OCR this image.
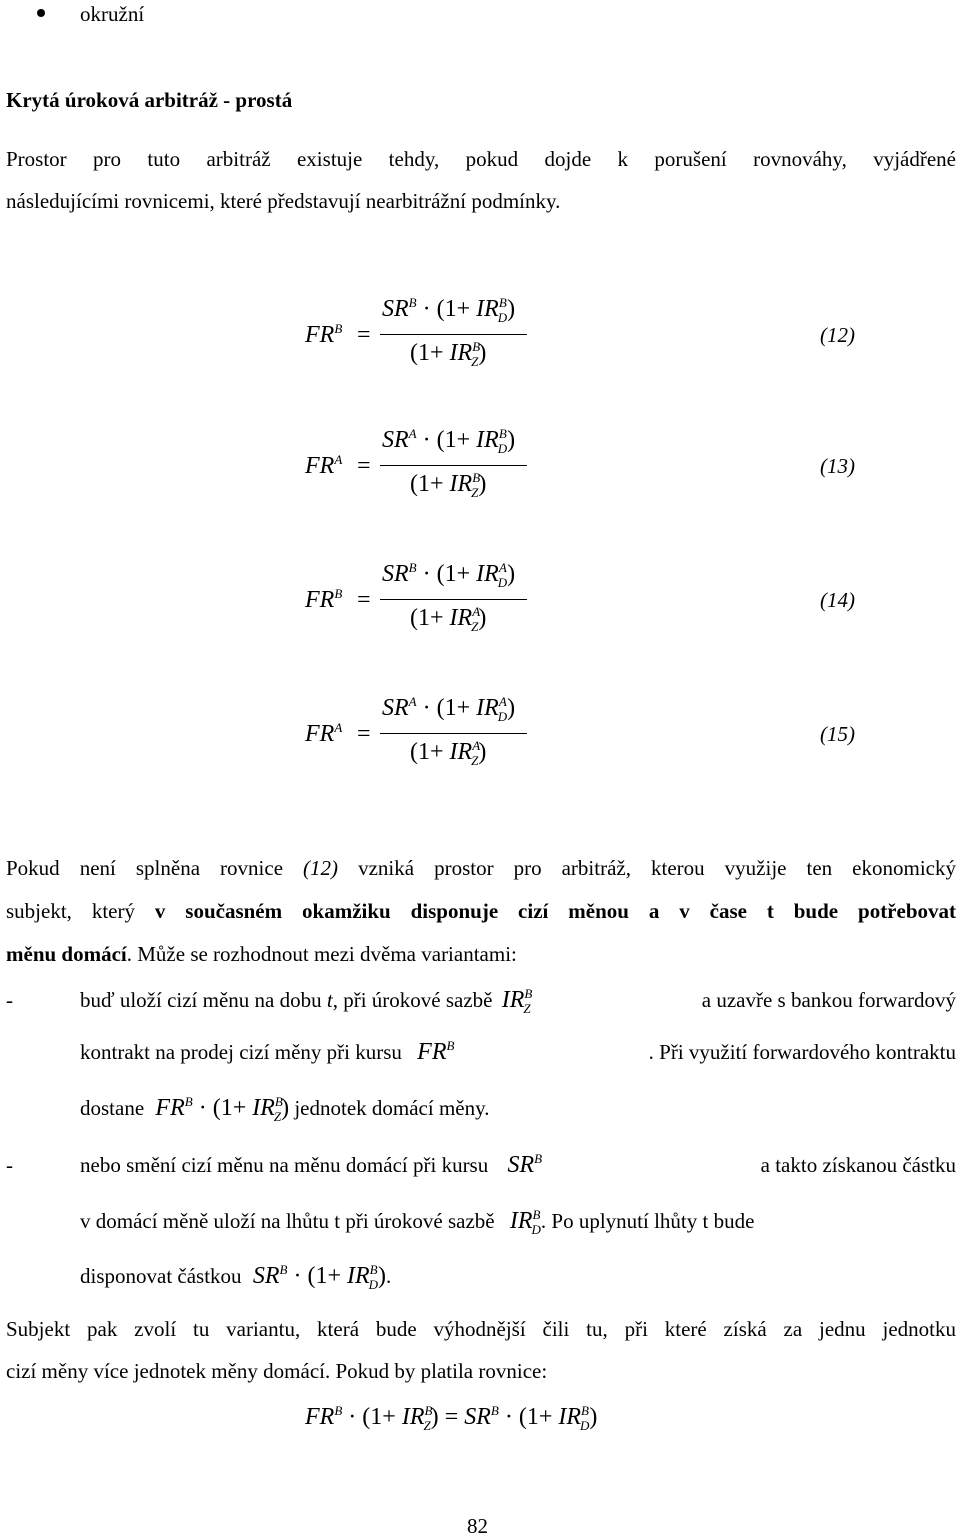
okružní
Krytá úroková arbitráž - prostá
Prostor pro tuto arbitráž existuje tehdy, pokud dojde k porušení rovnováhy, vyjádřené
následujícími rovnicemi, které představují nearbitrážní podmínky.
$FR^B$ =
$SR^B \cdot (1+ IR^B_D)$
$(1+ IR^B_Z)$
(12)
$FR^A$ =
$SR^A \cdot (1+ IR^B_D)$
$(1+ IR^B_Z)$
(13)
$FR^B$ =
$SR^B \cdot (1+ IR^A_D)$
$(1+ IR^A_Z)$
(14)
$FR^A$ =
$SR^A \cdot (1+ IR^A_D)$
$(1+ IR^A_Z)$
(15)
Pokud není splněna rovnice (12) vzniká prostor pro arbitráž, kterou využije ten ekonomický
subjekt, který v současném okamžiku disponuje cizí měnou a v čase t bude potřebovat
měnu domácí. Může se rozhodnout mezi dvěma variantami:
-	buď uloží cizí měnu na dobu t, při úrokové sazbě $IR^B_Z$	a uzavře s bankou forwardový
kontrakt na prodej cizí měny při kursu $FR^B$	. Při využití forwardového kontraktu
dostane $FR^B \cdot (1+ IR^B_Z)$ jednotek domácí měny.
-	nebo smění cizí měnu na měnu domácí při kursu $SR^B$	a takto získanou částku
v domácí měně uloží na lhůtu t při úrokové sazbě $IR^B_D$. Po uplynutí lhůty t bude
disponovat částkou $SR^B \cdot (1+ IR^B_D)$.
Subjekt pak zvolí tu variantu, která bude výhodnější čili tu, při které získá za jednu jednotku
cizí měny více jednotek měny domácí. Pokud by platila rovnice:
$FR^B \cdot (1+ IR^B_Z) = SR^B \cdot (1+ IR^B_D)$
82
